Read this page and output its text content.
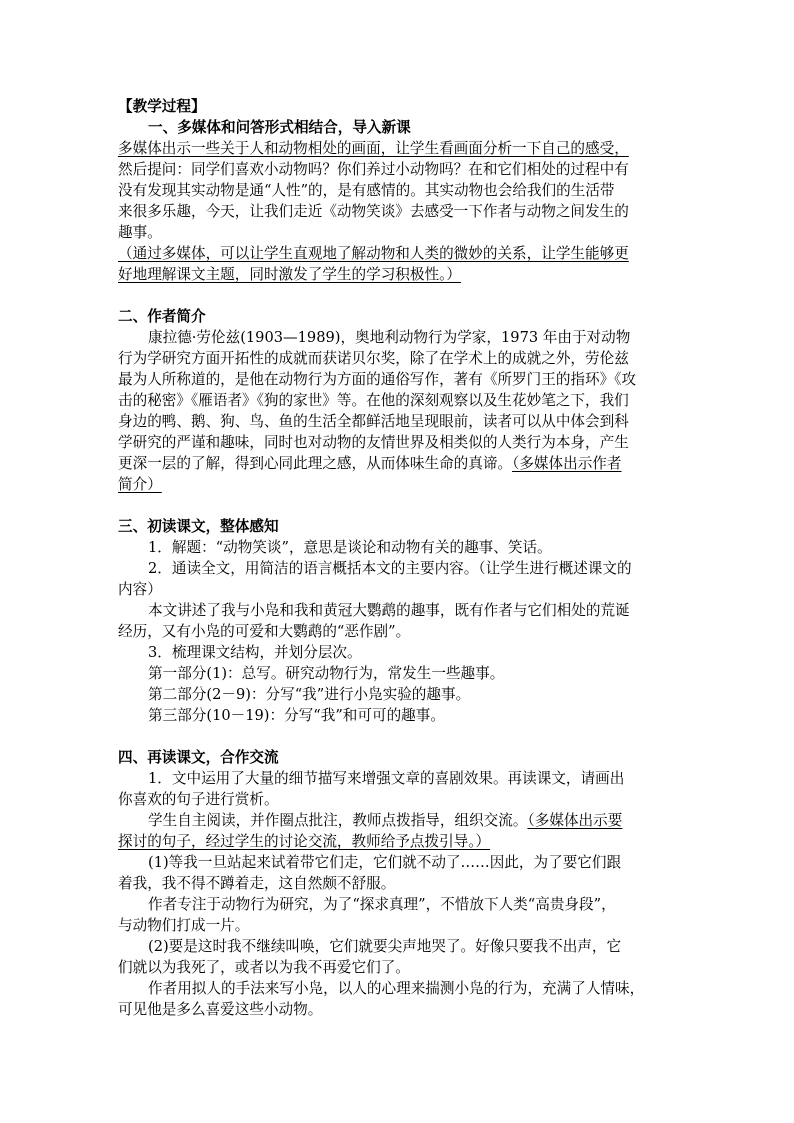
【教学过程】
一、多媒体和问答形式相结合，导入新课
多媒体出示一些关于人和动物相处的画面，让学生看画面分析一下自己的感受，
然后提问：同学们喜欢小动物吗？你们养过小动物吗？在和它们相处的过程中有
没有发现其实动物是通“人性”的，是有感情的。其实动物也会给我们的生活带
来很多乐趣，今天，让我们走近《动物笑谈》去感受一下作者与动物之间发生的
趣事。
（通过多媒体，可以让学生直观地了解动物和人类的微妙的关系，让学生能够更
好地理解课文主题，同时激发了学生的学习积极性。）
二、作者简介
康拉德·劳伦兹(1903—1989)，奥地利动物行为学家，1973 年由于对动物
行为学研究方面开拓性的成就而获诺贝尔奖，除了在学术上的成就之外，劳伦兹
最为人所称道的，是他在动物行为方面的通俗写作，著有《所罗门王的指环》《攻
击的秘密》《雁语者》《狗的家世》等。在他的深刻观察以及生花妙笔之下，我们
身边的鸭、鹅、狗、鸟、鱼的生活全都鲜活地呈现眼前，读者可以从中体会到科
学研究的严谨和趣味，同时也对动物的友情世界及相类似的人类行为本身，产生
更深一层的了解，得到心同此理之感，从而体味生命的真谛。（多媒体出示作者
简介）
三、初读课文，整体感知
1．解题：“动物笑谈”，意思是谈论和动物有关的趣事、笑话。
2．通读全文，用简洁的语言概括本文的主要内容。（让学生进行概述课文的
内容）
本文讲述了我与小凫和我和黄冠大鹦鹉的趣事，既有作者与它们相处的荒诞
经历，又有小凫的可爱和大鹦鹉的“恶作剧”。
3．梳理课文结构，并划分层次。
第一部分(1)：总写。研究动物行为，常发生一些趣事。
第二部分(2－9)：分写“我”进行小凫实验的趣事。
第三部分(10－19)：分写“我”和可可的趣事。
四、再读课文，合作交流
1．文中运用了大量的细节描写来增强文章的喜剧效果。再读课文，请画出
你喜欢的句子进行赏析。
学生自主阅读，并作圈点批注，教师点拨指导，组织交流。（多媒体出示要
探讨的句子，经过学生的讨论交流，教师给予点拨引导。）
(1)等我一旦站起来试着带它们走，它们就不动了……因此，为了要它们跟
着我，我不得不蹲着走，这自然颇不舒服。
作者专注于动物行为研究，为了“探求真理”，不惜放下人类“高贵身段”，
与动物们打成一片。
(2)要是这时我不继续叫唤，它们就要尖声地哭了。好像只要我不出声，它
们就以为我死了，或者以为我不再爱它们了。
作者用拟人的手法来写小凫，以人的心理来揣测小凫的行为，充满了人情味，
可见他是多么喜爱这些小动物。
